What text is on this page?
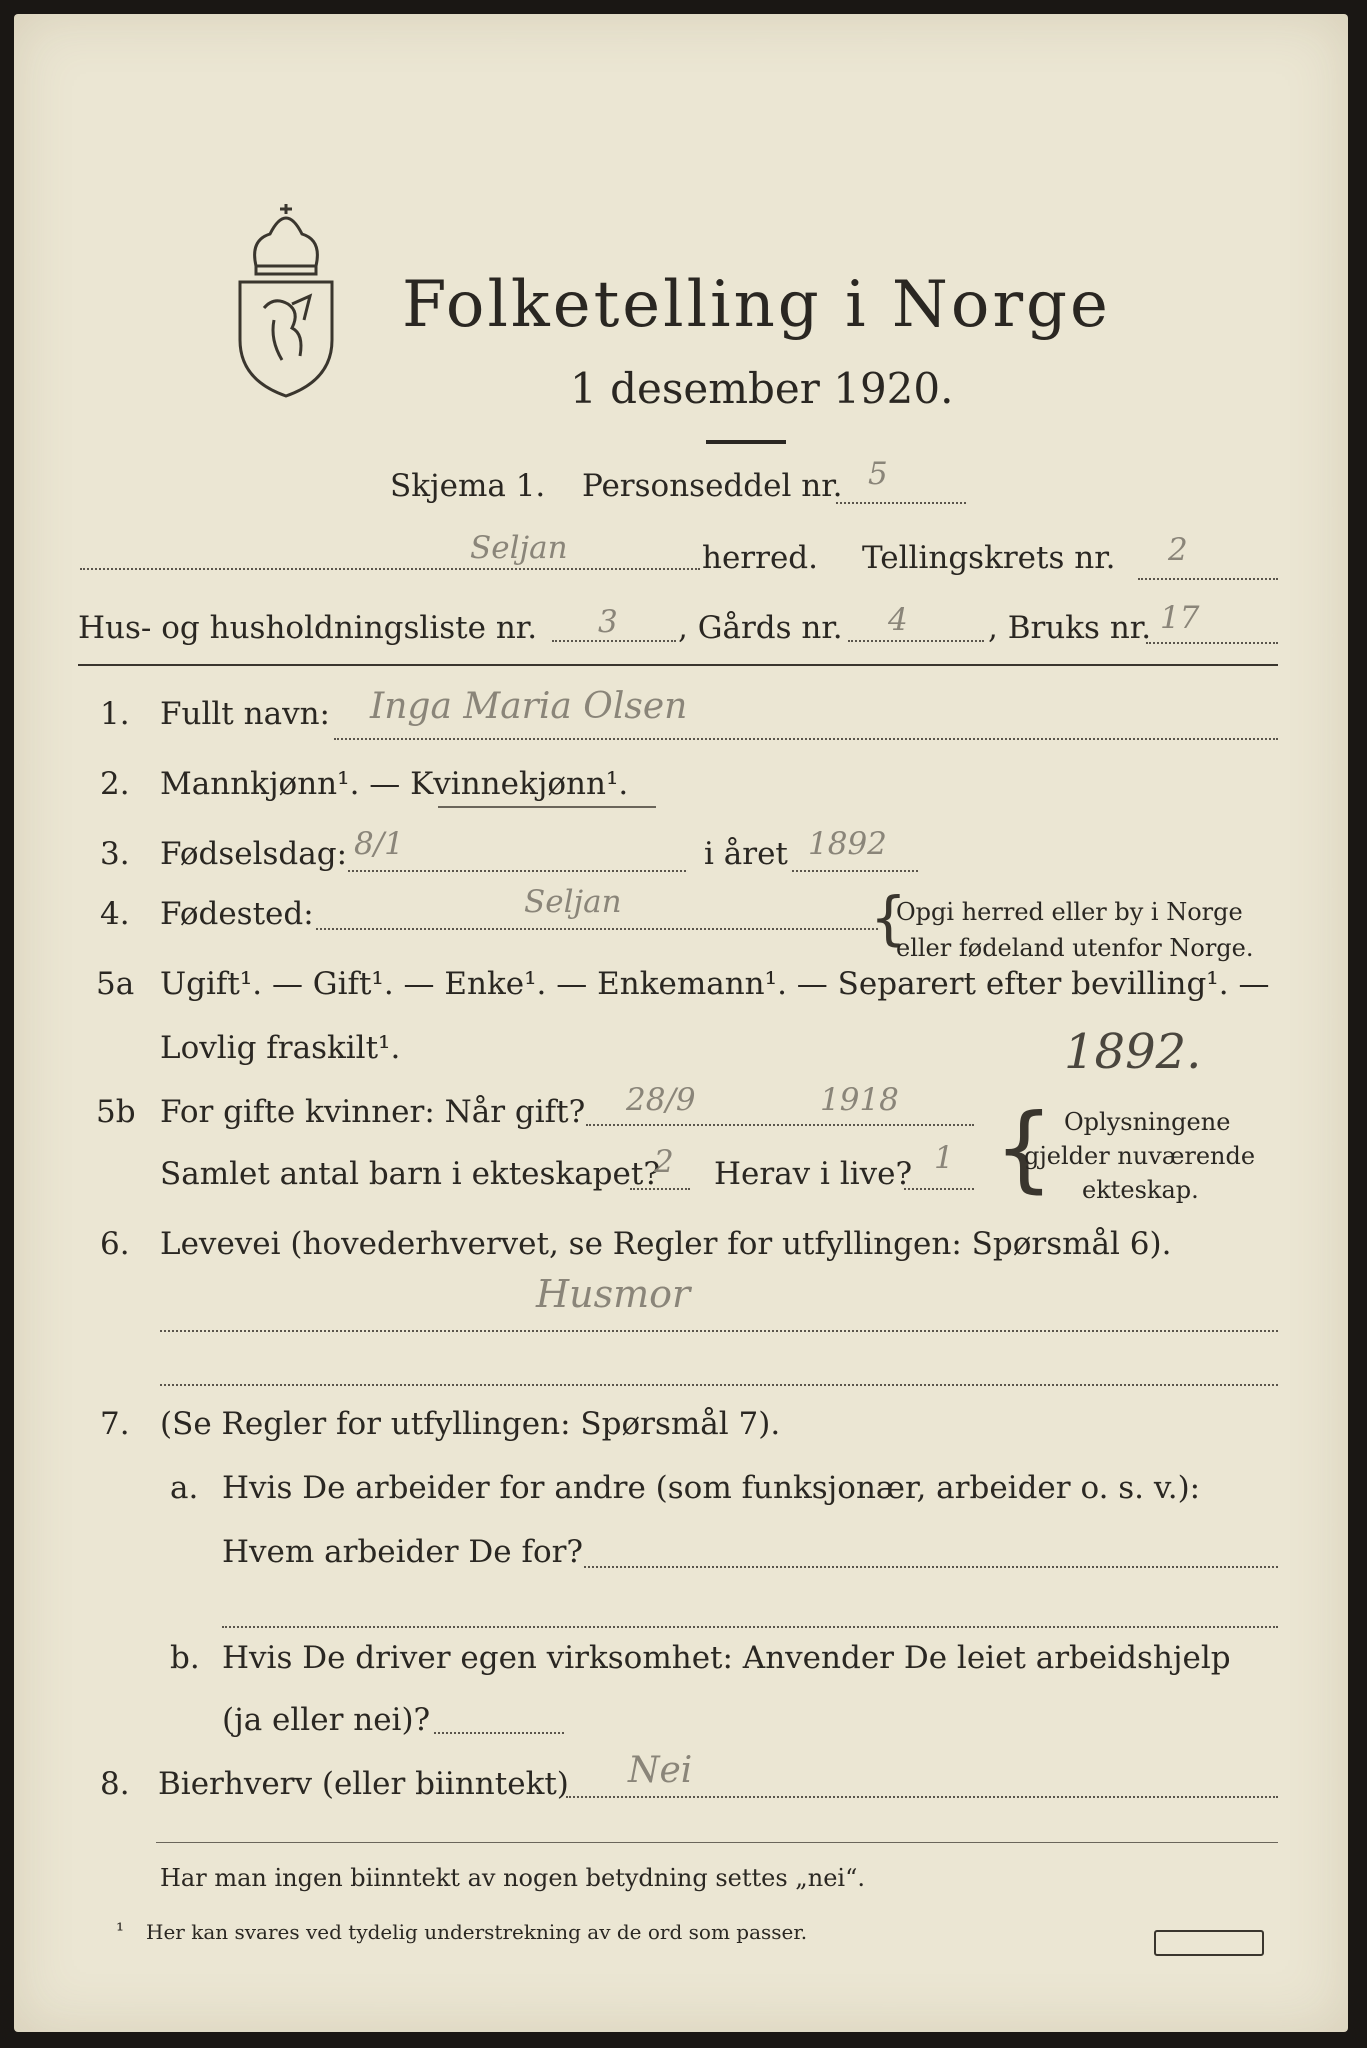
Folketelling i Norge
1 desember 1920.
Skjema 1. Personseddel nr. 5
Seljan	herred. Tellingskrets nr. 2
Hus- og husholdningsliste nr. 3 , Gårds nr. 4	, Bruks nr. 17
1. Fullt navn: Inga Maria Olsen
2. Mannkjønn¹. — Kvinnekjønn¹.
3. Fødselsdag: 8/1	i året 1892
4. Fødested:	Seljan	{
Opgi herred eller by i Norge
eller fødeland utenfor Norge.
5a Ugift¹. — Gift¹. — Enke¹. — Enkemann¹. — Separert efter bevilling¹. —
Lovlig fraskilt¹.	1892.
5b For gifte kvinner: Når gift? 28/9	1918
Samlet antal barn i ekteskapet?
2 Herav i live? 1 { Oplysningene
gjelder nuværende
ekteskap.
6. Levevei (hovederhvervet, se Regler for utfyllingen: Spørsmål 6).
Husmor
7. (Se Regler for utfyllingen: Spørsmål 7).
a. Hvis De arbeider for andre (som funksjonær, arbeider o. s. v.):
Hvem arbeider De for?
b. Hvis De driver egen virksomhet: Anvender De leiet arbeidshjelp
(ja eller nei)?
8. Bierhverv (eller biinntekt) Nei
Har man ingen biinntekt av nogen betydning settes „nei“.
¹ Her kan svares ved tydelig understrekning av de ord som passer.
